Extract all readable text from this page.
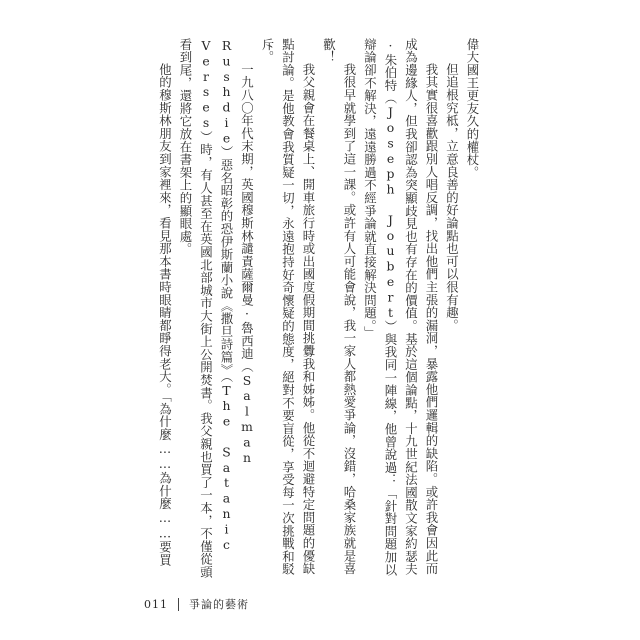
偉大國王更友久的權杖。

但追根究柢，立意良善的好論點也可以很有趣。

我其實很喜歡跟別人唱反調，找出他們主張的漏洞，暴露他們邏輯的缺陷。或許我會因此而成為邊緣人，但我卻認為突顯歧見也有存在的價值。基於這個論點，十九世紀法國散文家約瑟夫·朱伯特（Joseph Joubert）與我同一陣線，他曾說過：「針對問題加以辯論卻不解決，遠遠勝過不經爭論就直接解決問題。」

我很早就學到了這一課。或許有人可能會說，我一家人都熱愛爭論，沒錯，哈桑家族就是喜歡！

我父親會在餐桌上、開車旅行時或出國度假期間挑釁我和姊姊。他從不迴避特定問題的優缺點討論。是他教會我質疑一切，永遠抱持好奇懷疑的態度，絕對不要盲從，享受每一次挑戰和駁斥。

一九八〇年代末期，英國穆斯林譴責薩爾曼·魯西迪（Salman Rushdie）惡名昭彰的恐伊斯蘭小說《撒旦詩篇》（The Satanic Verses）時，有人甚至在英國北部城市大街上公開焚書。我父親也買了一本，不僅從頭看到尾，還將它放在書架上的顯眼處。

他的穆斯林朋友到家裡來，看見那本書時眼睛都睜得老大。「為什麼……為什麼……要買

011 爭論的藝術
